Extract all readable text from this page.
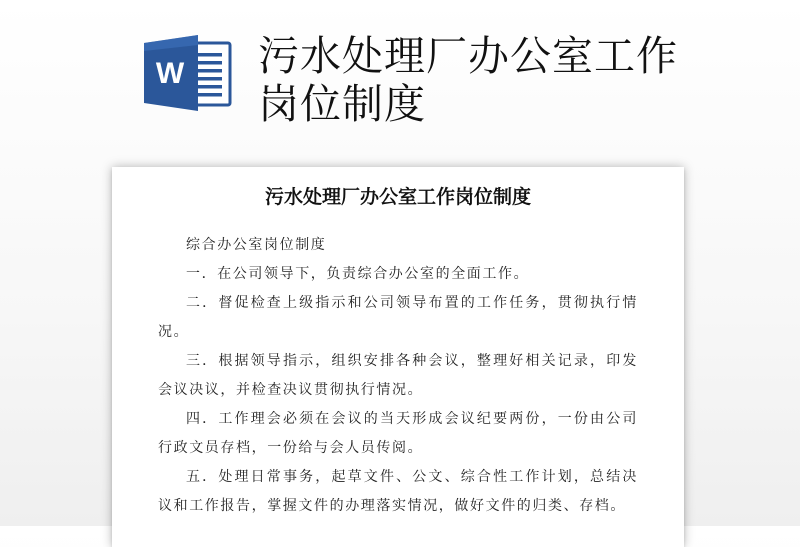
W 污水处理厂办公室工作岗位制度
污水处理厂办公室工作岗位制度

综合办公室岗位制度

一．在公司领导下，负责综合办公室的全面工作。

二．督促检查上级指示和公司领导布置的工作任务，贯彻执行情况。

三．根据领导指示，组织安排各种会议，整理好相关记录，印发会议决议，并检查决议贯彻执行情况。

四．工作理会必须在会议的当天形成会议纪要两份，一份由公司行政文员存档，一份给与会人员传阅。

五．处理日常事务，起草文件、公文、综合性工作计划，总结决议和工作报告，掌握文件的办理落实情况，做好文件的归类、存档。
